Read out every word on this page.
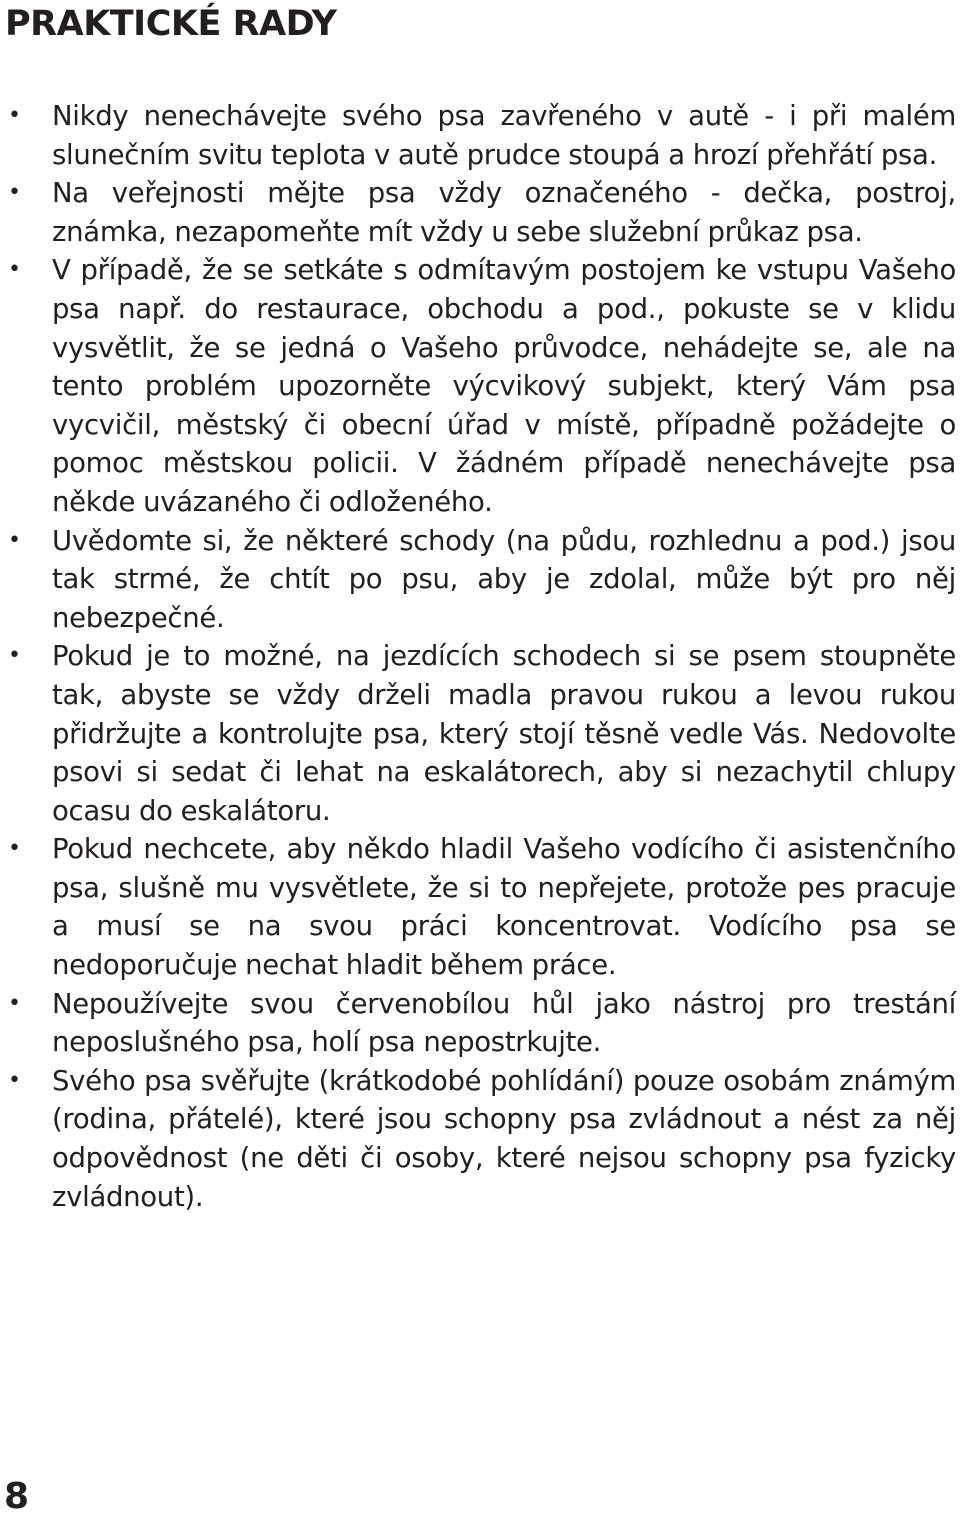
PRAKTICKÉ RADY
• Nikdy nenechávejte svého psa zavřeného v autě - i při malém slunečním svitu teplota v autě prudce stoupá a hrozí přehřátí psa.
• Na veřejnosti mějte psa vždy označeného - dečka, postroj, známka, nezapomeňte mít vždy u sebe služební průkaz psa.
• V případě, že se setkáte s odmítavým postojem ke vstupu Vašeho psa např. do restaurace, obchodu a pod., pokuste se v klidu vysvětlit, že se jedná o Vašeho průvodce, nehádejte se, ale na tento problém upozorněte výcvikový subjekt, který Vám psa vycvičil, městský či obecní úřad v místě, případně požádejte o pomoc městskou policii. V žádném případě nenechávejte psa někde uvázaného či odloženého.
• Uvědomte si, že některé schody (na půdu, rozhlednu a pod.) jsou tak strmé, že chtít po psu, aby je zdolal, může být pro něj nebezpečné.
• Pokud je to možné, na jezdících schodech si se psem stoupněte tak, abyste se vždy drželi madla pravou rukou a levou rukou přidržujte a kontrolujte psa, který stojí těsně vedle Vás. Nedovolte psovi si sedat či lehat na eskalátorech, aby si nezachytil chlupy ocasu do eskalátoru.
• Pokud nechcete, aby někdo hladil Vašeho vodícího či asistenčního psa, slušně mu vysvětlete, že si to nepřejete, protože pes pracuje a musí se na svou práci koncentrovat. Vodícího psa se nedoporučuje nechat hladit během práce.
• Nepoužívejte svou červenobílou hůl jako nástroj pro trestání neposlušného psa, holí psa nepostrkujte.
• Svého psa svěřujte (krátkodobé pohlídání) pouze osobám známým (rodina, přátelé), které jsou schopny psa zvládnout a nést za něj odpovědnost (ne děti či osoby, které nejsou schopny psa fyzicky zvládnout).
8
